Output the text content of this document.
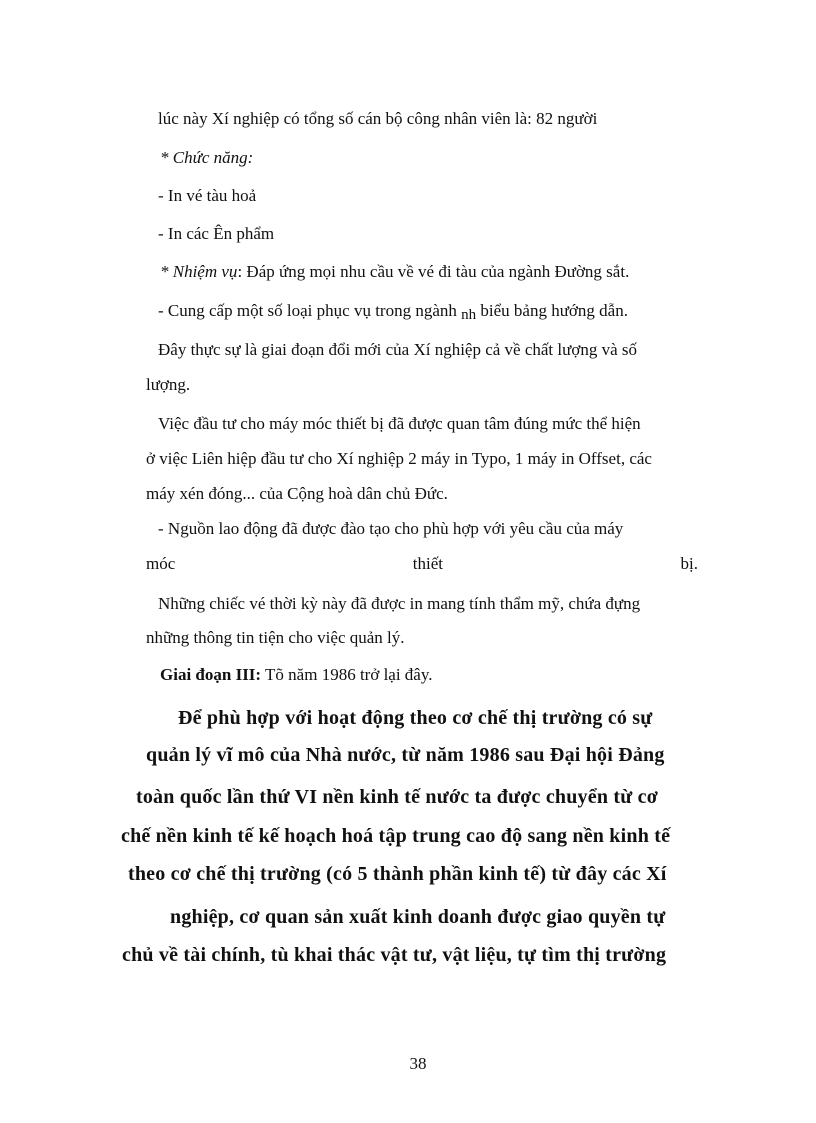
lúc này Xí nghiệp có tổng số cán bộ công nhân viên là: 82 người
* Chức năng:
- In vé tàu hoả
- In các Ên phẩm
* Nhiệm vụ: Đáp ứng mọi nhu cầu về vé đi tàu của ngành Đường sắt.
- Cung cấp một số loại phục vụ trong ngành nh biểu bảng hướng dẫn.
Đây thực sự là giai đoạn đổi mới của Xí nghiệp cả về chất lượng và số
lượng.
Việc đầu tư cho máy móc thiết bị đã được quan tâm đúng mức thể hiện
ở việc Liên hiệp đầu tư cho Xí nghiệp 2 máy in Typo, 1 máy in Offset, các
máy xén đóng... của Cộng hoà dân chủ Đức.
- Nguồn lao động đã được đào tạo cho phù hợp với yêu cầu của máy
móc	thiết	bị.
Những chiếc vé thời kỳ này đã được in mang tính thẩm mỹ, chứa đựng
những thông tin tiện cho việc quản lý.
Giai đoạn III: Tõ năm 1986 trở lại đây.
Để phù hợp với hoạt động theo cơ chế thị trường có sự
quản lý vĩ mô của Nhà nước, từ năm 1986 sau Đại hội Đảng
toàn quốc lần thứ VI nền kinh tế nước ta được chuyển từ cơ
chế nền kinh tế kế hoạch hoá tập trung cao độ sang nền kinh tế
theo cơ chế thị trường (có 5 thành phần kinh tế) từ đây các Xí
nghiệp, cơ quan sản xuất kinh doanh được giao quyền tự
chủ về tài chính, tù khai thác vật tư, vật liệu, tự tìm thị trường
38
